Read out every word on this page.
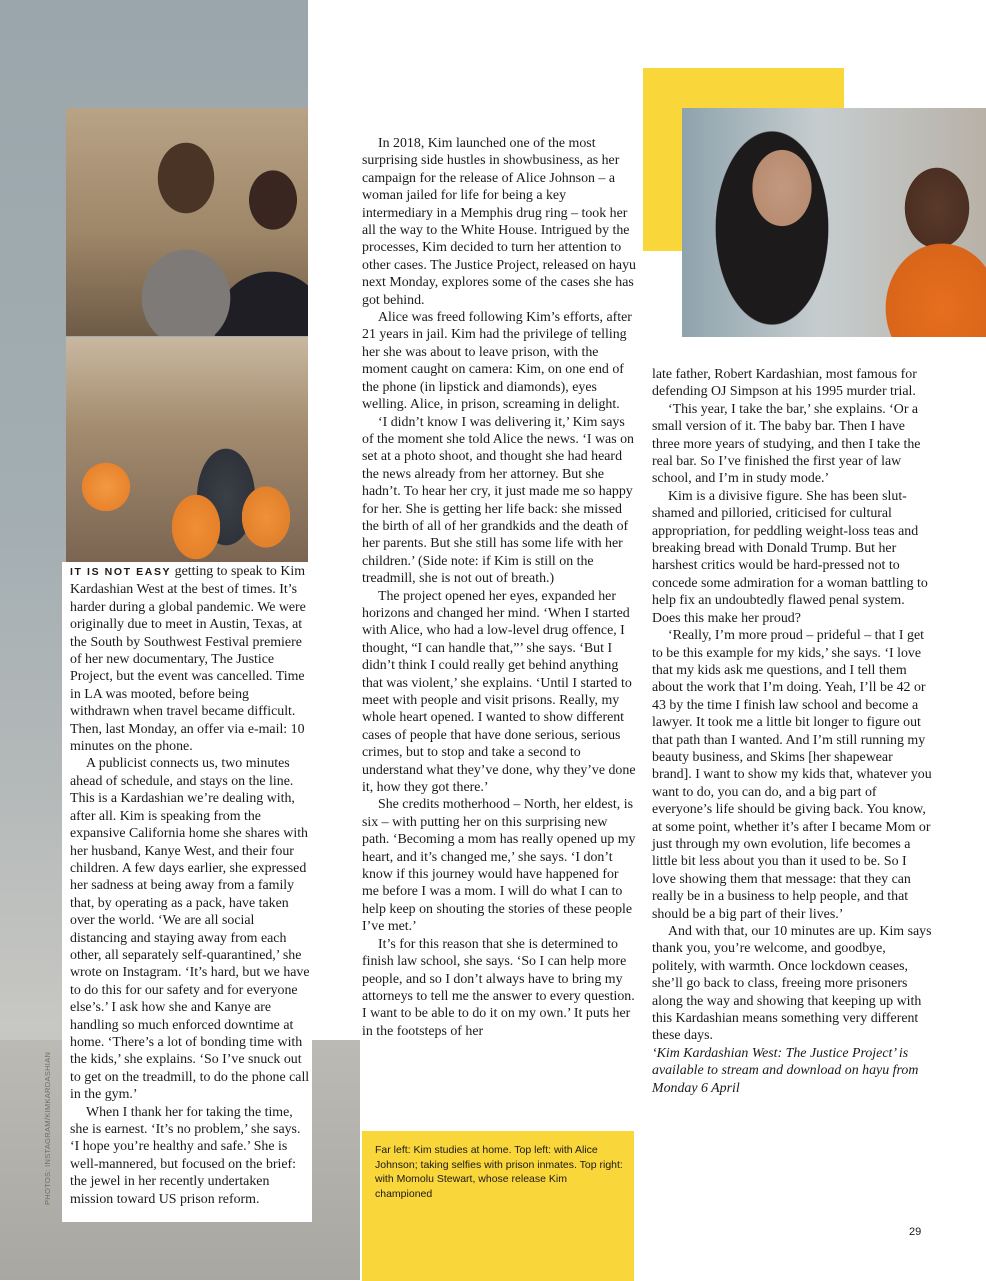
PHOTOS: INSTAGRAM/KIMKARDASHIAN

IT IS NOT EASY getting to speak to Kim Kardashian West at the best of times. It’s harder during a global pandemic. We were originally due to meet in Austin, Texas, at the South by Southwest Festival premiere of her new documentary, The Justice Project, but the event was cancelled. Time in LA was mooted, before being withdrawn when travel became difficult. Then, last Monday, an offer via e-mail: 10 minutes on the phone.

A publicist connects us, two minutes ahead of schedule, and stays on the line. This is a Kardashian we’re dealing with, after all. Kim is speaking from the expansive California home she shares with her husband, Kanye West, and their four children. A few days earlier, she expressed her sadness at being away from a family that, by operating as a pack, have taken over the world. ‘We are all social distancing and staying away from each other, all separately self-quarantined,’ she wrote on Instagram. ‘It’s hard, but we have to do this for our safety and for everyone else’s.’ I ask how she and Kanye are handling so much enforced downtime at home. ‘There’s a lot of bonding time with the kids,’ she explains. ‘So I’ve snuck out to get on the treadmill, to do the phone call in the gym.’

When I thank her for taking the time, she is earnest. ‘It’s no problem,’ she says. ‘I hope you’re healthy and safe.’ She is well-mannered, but focused on the brief: the jewel in her recently undertaken mission toward US prison reform.

In 2018, Kim launched one of the most surprising side hustles in showbusiness, as her campaign for the release of Alice Johnson – a woman jailed for life for being a key intermediary in a Memphis drug ring – took her all the way to the White House. Intrigued by the processes, Kim decided to turn her attention to other cases. The Justice Project, released on hayu next Monday, explores some of the cases she has got behind.

Alice was freed following Kim’s efforts, after 21 years in jail. Kim had the privilege of telling her she was about to leave prison, with the moment caught on camera: Kim, on one end of the phone (in lipstick and diamonds), eyes welling. Alice, in prison, screaming in delight.

‘I didn’t know I was delivering it,’ Kim says of the moment she told Alice the news. ‘I was on set at a photo shoot, and thought she had heard the news already from her attorney. But she hadn’t. To hear her cry, it just made me so happy for her. She is getting her life back: she missed the birth of all of her grandkids and the death of her parents. But she still has some life with her children.’ (Side note: if Kim is still on the treadmill, she is not out of breath.)

The project opened her eyes, expanded her horizons and changed her mind. ‘When I started with Alice, who had a low-level drug offence, I thought, “I can handle that,”’ she says. ‘But I didn’t think I could really get behind anything that was violent,’ she explains. ‘Until I started to meet with people and visit prisons. Really, my whole heart opened. I wanted to show different cases of people that have done serious, serious crimes, but to stop and take a second to understand what they’ve done, why they’ve done it, how they got there.’

She credits motherhood – North, her eldest, is six – with putting her on this surprising new path. ‘Becoming a mom has really opened up my heart, and it’s changed me,’ she says. ‘I don’t know if this journey would have happened for me before I was a mom. I will do what I can to help keep on shouting the stories of these people I’ve met.’

It’s for this reason that she is determined to finish law school, she says. ‘So I can help more people, and so I don’t always have to bring my attorneys to tell me the answer to every question. I want to be able to do it on my own.’ It puts her in the footsteps of her

late father, Robert Kardashian, most famous for defending OJ Simpson at his 1995 murder trial.

‘This year, I take the bar,’ she explains. ‘Or a small version of it. The baby bar. Then I have three more years of studying, and then I take the real bar. So I’ve finished the first year of law school, and I’m in study mode.’

Kim is a divisive figure. She has been slut-shamed and pilloried, criticised for cultural appropriation, for peddling weight-loss teas and breaking bread with Donald Trump. But her harshest critics would be hard-pressed not to concede some admiration for a woman battling to help fix an undoubtedly flawed penal system. Does this make her proud?

‘Really, I’m more proud – prideful – that I get to be this example for my kids,’ she says. ‘I love that my kids ask me questions, and I tell them about the work that I’m doing. Yeah, I’ll be 42 or 43 by the time I finish law school and become a lawyer. It took me a little bit longer to figure out that path than I wanted. And I’m still running my beauty business, and Skims [her shapewear brand]. I want to show my kids that, whatever you want to do, you can do, and a big part of everyone’s life should be giving back. You know, at some point, whether it’s after I became Mom or just through my own evolution, life becomes a little bit less about you than it used to be. So I love showing them that message: that they can really be in a business to help people, and that should be a big part of their lives.’

And with that, our 10 minutes are up. Kim says thank you, you’re welcome, and goodbye, politely, with warmth. Once lockdown ceases, she’ll go back to class, freeing more prisoners along the way and showing that keeping up with this Kardashian means something very different these days.

‘Kim Kardashian West: The Justice Project’ is available to stream and download on hayu from Monday 6 April

Far left: Kim studies at home. Top left: with Alice Johnson; taking selfies with prison inmates. Top right: with Momolu Stewart, whose release Kim championed
29
